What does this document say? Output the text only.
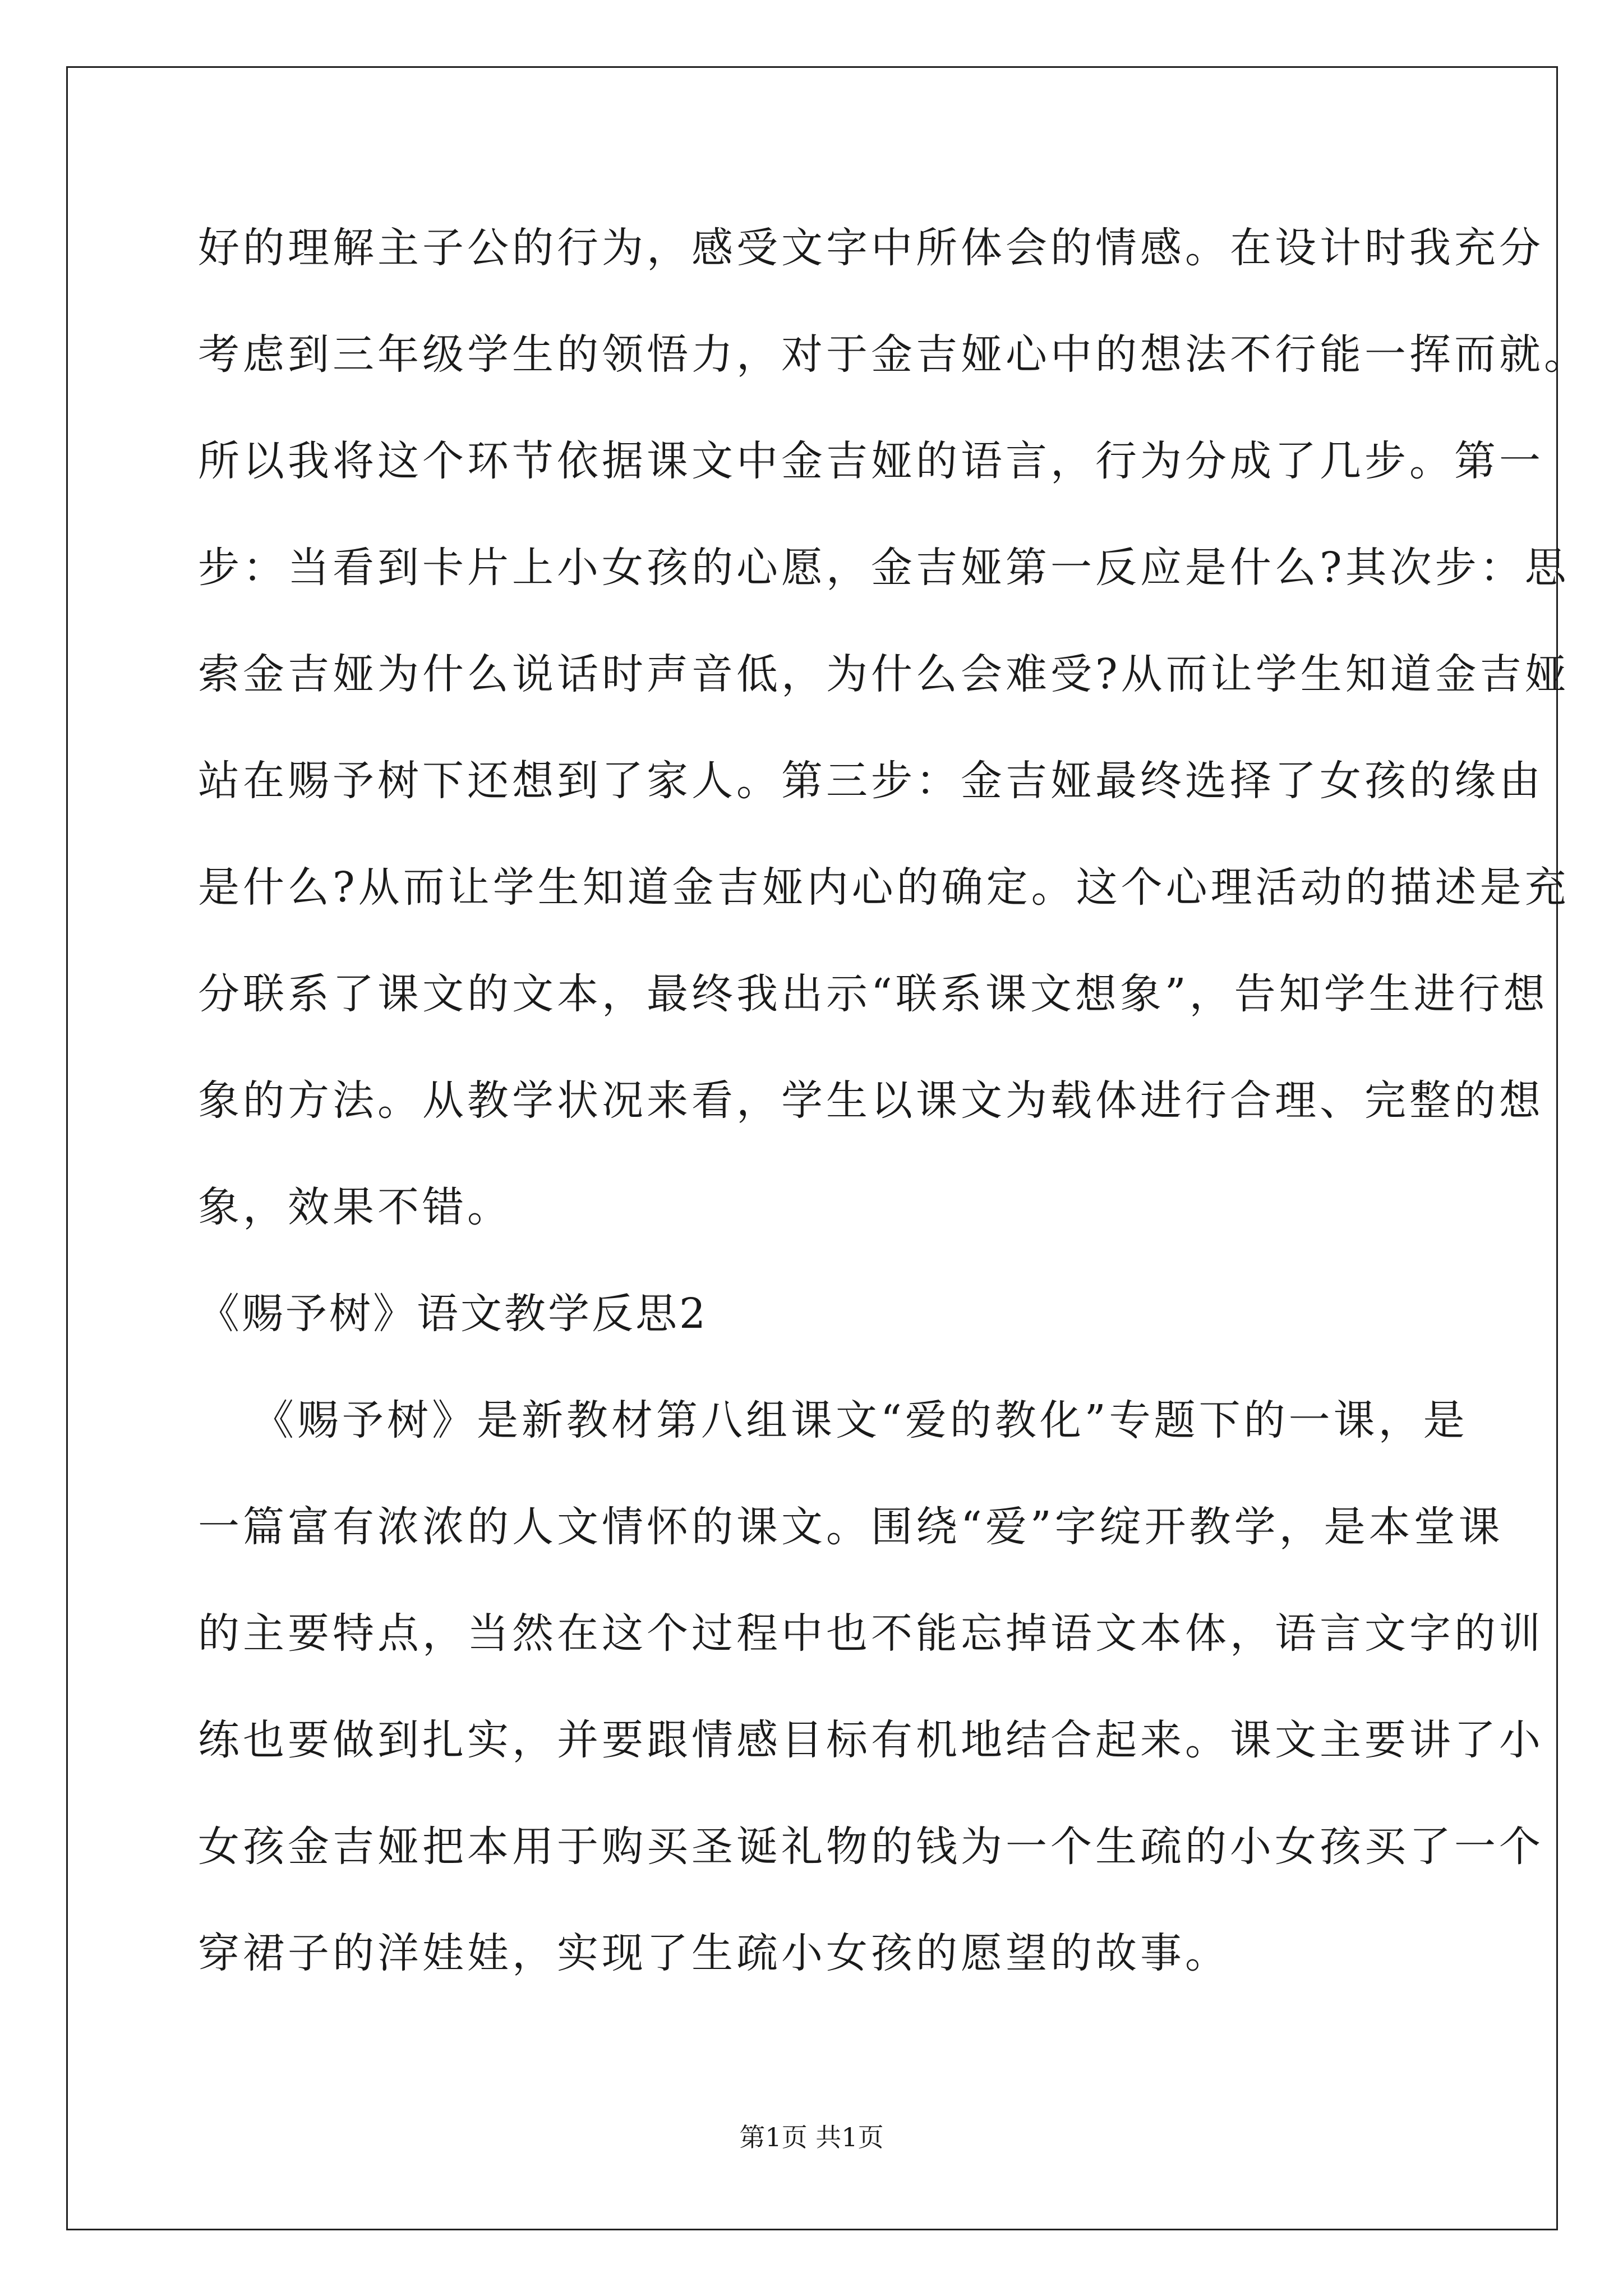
好的理解主子公的行为，感受文字中所体会的情感。在设计时我充分
考虑到三年级学生的领悟力，对于金吉娅心中的想法不行能一挥而就。
所以我将这个环节依据课文中金吉娅的语言，行为分成了几步。第一
步：当看到卡片上小女孩的心愿，金吉娅第一反应是什么?其次步：思
索金吉娅为什么说话时声音低，为什么会难受?从而让学生知道金吉娅
站在赐予树下还想到了家人。第三步：金吉娅最终选择了女孩的缘由
是什么?从而让学生知道金吉娅内心的确定。这个心理活动的描述是充
分联系了课文的文本，最终我出示“联系课文想象”，告知学生进行想
象的方法。从教学状况来看，学生以课文为载体进行合理、完整的想
象，效果不错。
《赐予树》语文教学反思2
《赐予树》是新教材第八组课文“爱的教化”专题下的一课，是
一篇富有浓浓的人文情怀的课文。围绕“爱”字绽开教学，是本堂课
的主要特点，当然在这个过程中也不能忘掉语文本体，语言文字的训
练也要做到扎实，并要跟情感目标有机地结合起来。课文主要讲了小
女孩金吉娅把本用于购买圣诞礼物的钱为一个生疏的小女孩买了一个
穿裙子的洋娃娃，实现了生疏小女孩的愿望的故事。
第1页 共1页
